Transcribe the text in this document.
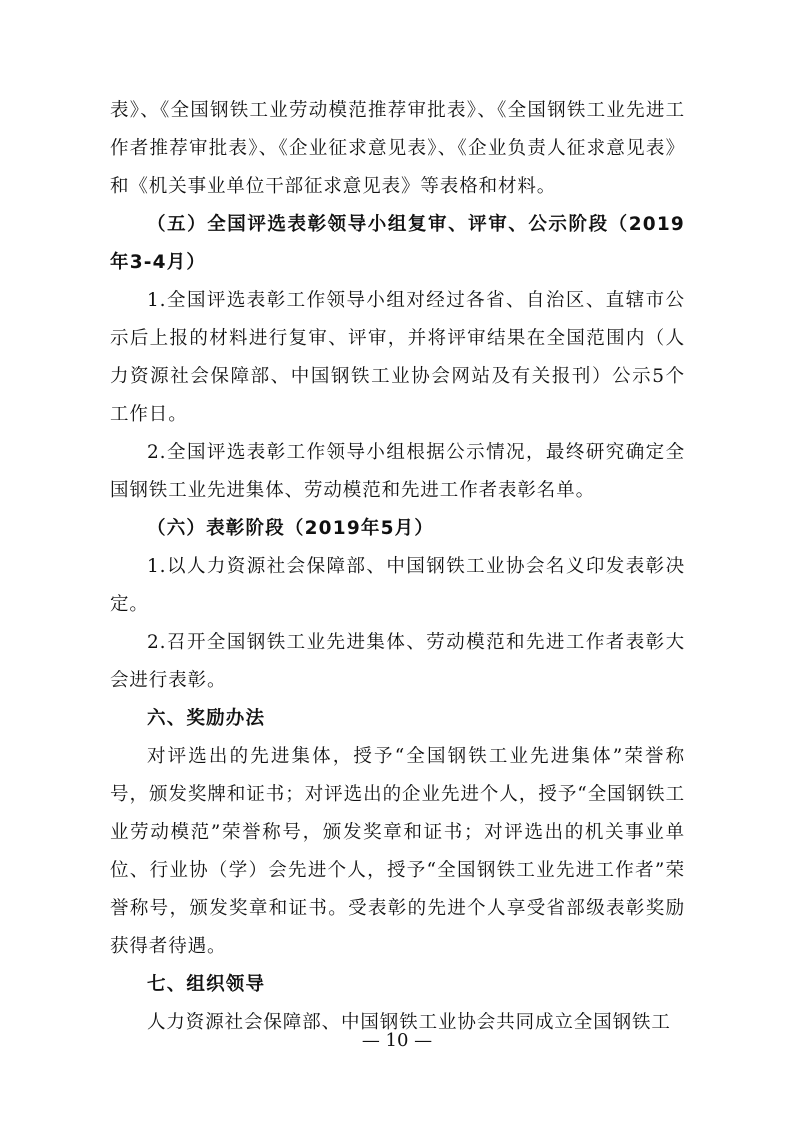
表》、《全国钢铁工业劳动模范推荐审批表》、《全国钢铁工业先进工作者推荐审批表》、《企业征求意见表》、《企业负责人征求意见表》和《机关事业单位干部征求意见表》等表格和材料。

（五）全国评选表彰领导小组复审、评审、公示阶段（2019年3-4月）

1.全国评选表彰工作领导小组对经过各省、自治区、直辖市公示后上报的材料进行复审、评审，并将评审结果在全国范围内（人力资源社会保障部、中国钢铁工业协会网站及有关报刊）公示5个工作日。

2.全国评选表彰工作领导小组根据公示情况，最终研究确定全国钢铁工业先进集体、劳动模范和先进工作者表彰名单。

（六）表彰阶段（2019年5月）

1.以人力资源社会保障部、中国钢铁工业协会名义印发表彰决定。

2.召开全国钢铁工业先进集体、劳动模范和先进工作者表彰大会进行表彰。

六、奖励办法

对评选出的先进集体，授予“全国钢铁工业先进集体”荣誉称号，颁发奖牌和证书；对评选出的企业先进个人，授予“全国钢铁工业劳动模范”荣誉称号，颁发奖章和证书；对评选出的机关事业单位、行业协（学）会先进个人，授予“全国钢铁工业先进工作者”荣誉称号，颁发奖章和证书。受表彰的先进个人享受省部级表彰奖励获得者待遇。

七、组织领导

人力资源社会保障部、中国钢铁工业协会共同成立全国钢铁工

— 10 —
